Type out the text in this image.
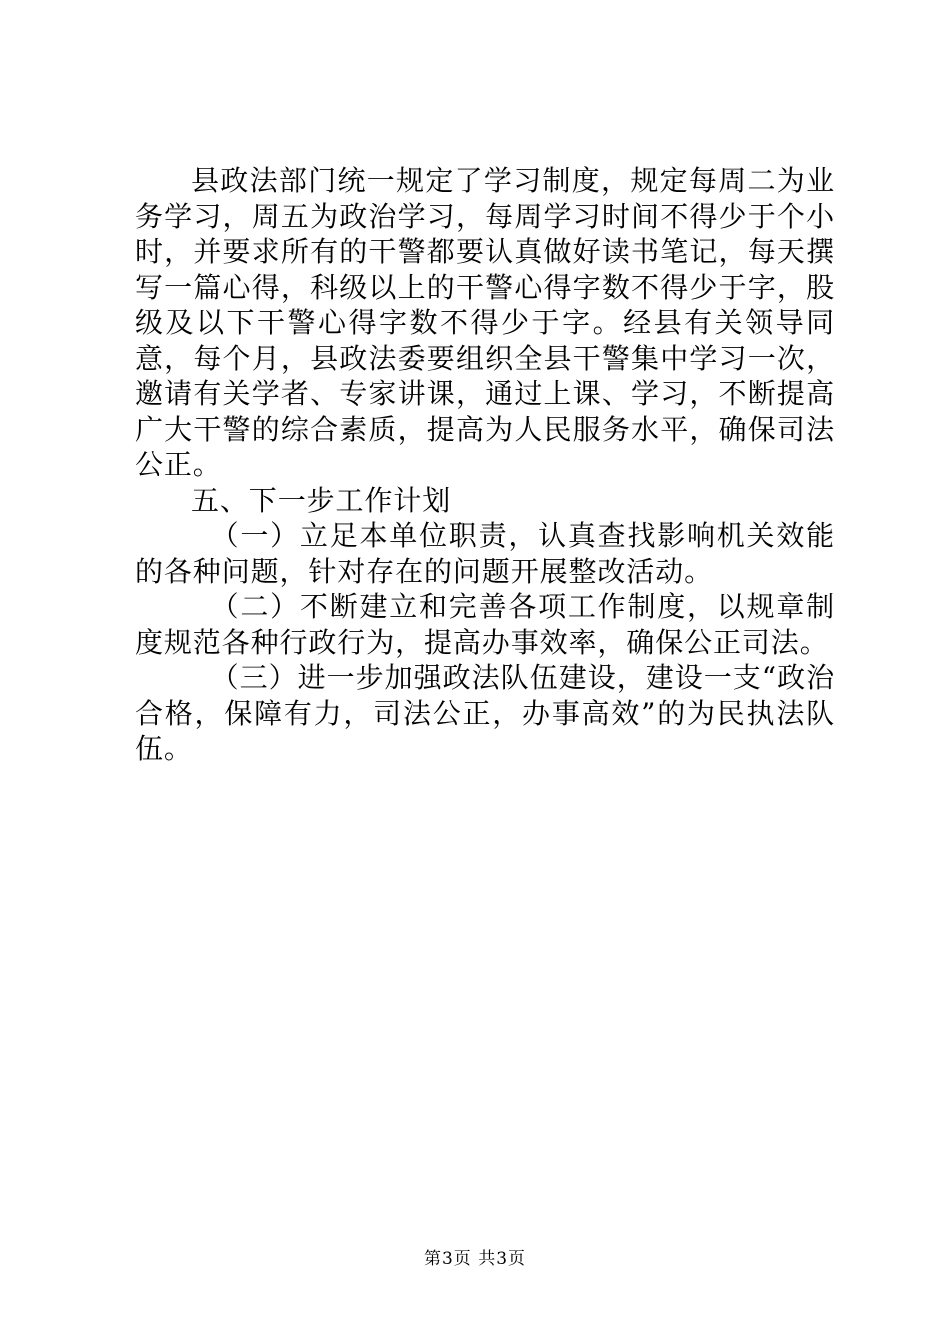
县政法部门统一规定了学习制度，规定每周二为业务学习，周五为政治学习，每周学习时间不得少于个小时，并要求所有的干警都要认真做好读书笔记，每天撰写一篇心得，科级以上的干警心得字数不得少于字，股级及以下干警心得字数不得少于字。经县有关领导同意，每个月，县政法委要组织全县干警集中学习一次，邀请有关学者、专家讲课，通过上课、学习，不断提高广大干警的综合素质，提高为人民服务水平，确保司法公正。

五、下一步工作计划

（一）立足本单位职责，认真查找影响机关效能的各种问题，针对存在的问题开展整改活动。

（二）不断建立和完善各项工作制度，以规章制度规范各种行政行为，提高办事效率，确保公正司法。

（三）进一步加强政法队伍建设，建设一支“政治合格，保障有力，司法公正，办事高效”的为民执法队伍。

第3页 共3页
